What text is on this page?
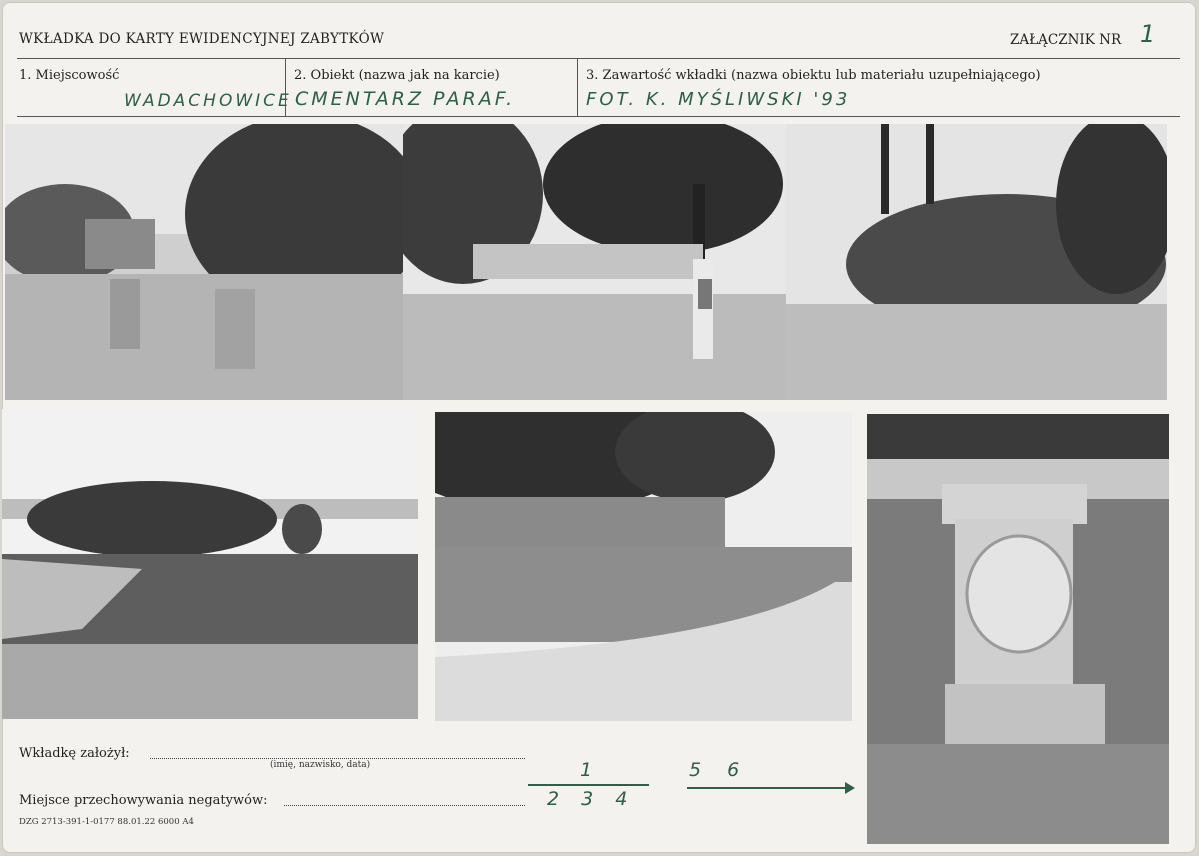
WKŁADKA DO KARTY EWIDENCYJNEJ ZABYTKÓW	ZAŁĄCZNIK NR 1
1. Miejscowość
WADACHOWICE
2. Obiekt (nazwa jak na karcie)
CMENTARZ PARAF.
3. Zawartość wkładki (nazwa obiektu lub materiału uzupełniającego)
FOT. K. MYŚLIWSKI '93
Wkładkę założył:
(imię, nazwisko, data)
Miejsce przechowywania negatywów:
1
2 3 4
5 6
DZG 2713-391-1-0177 88.01.22 6000 A4
